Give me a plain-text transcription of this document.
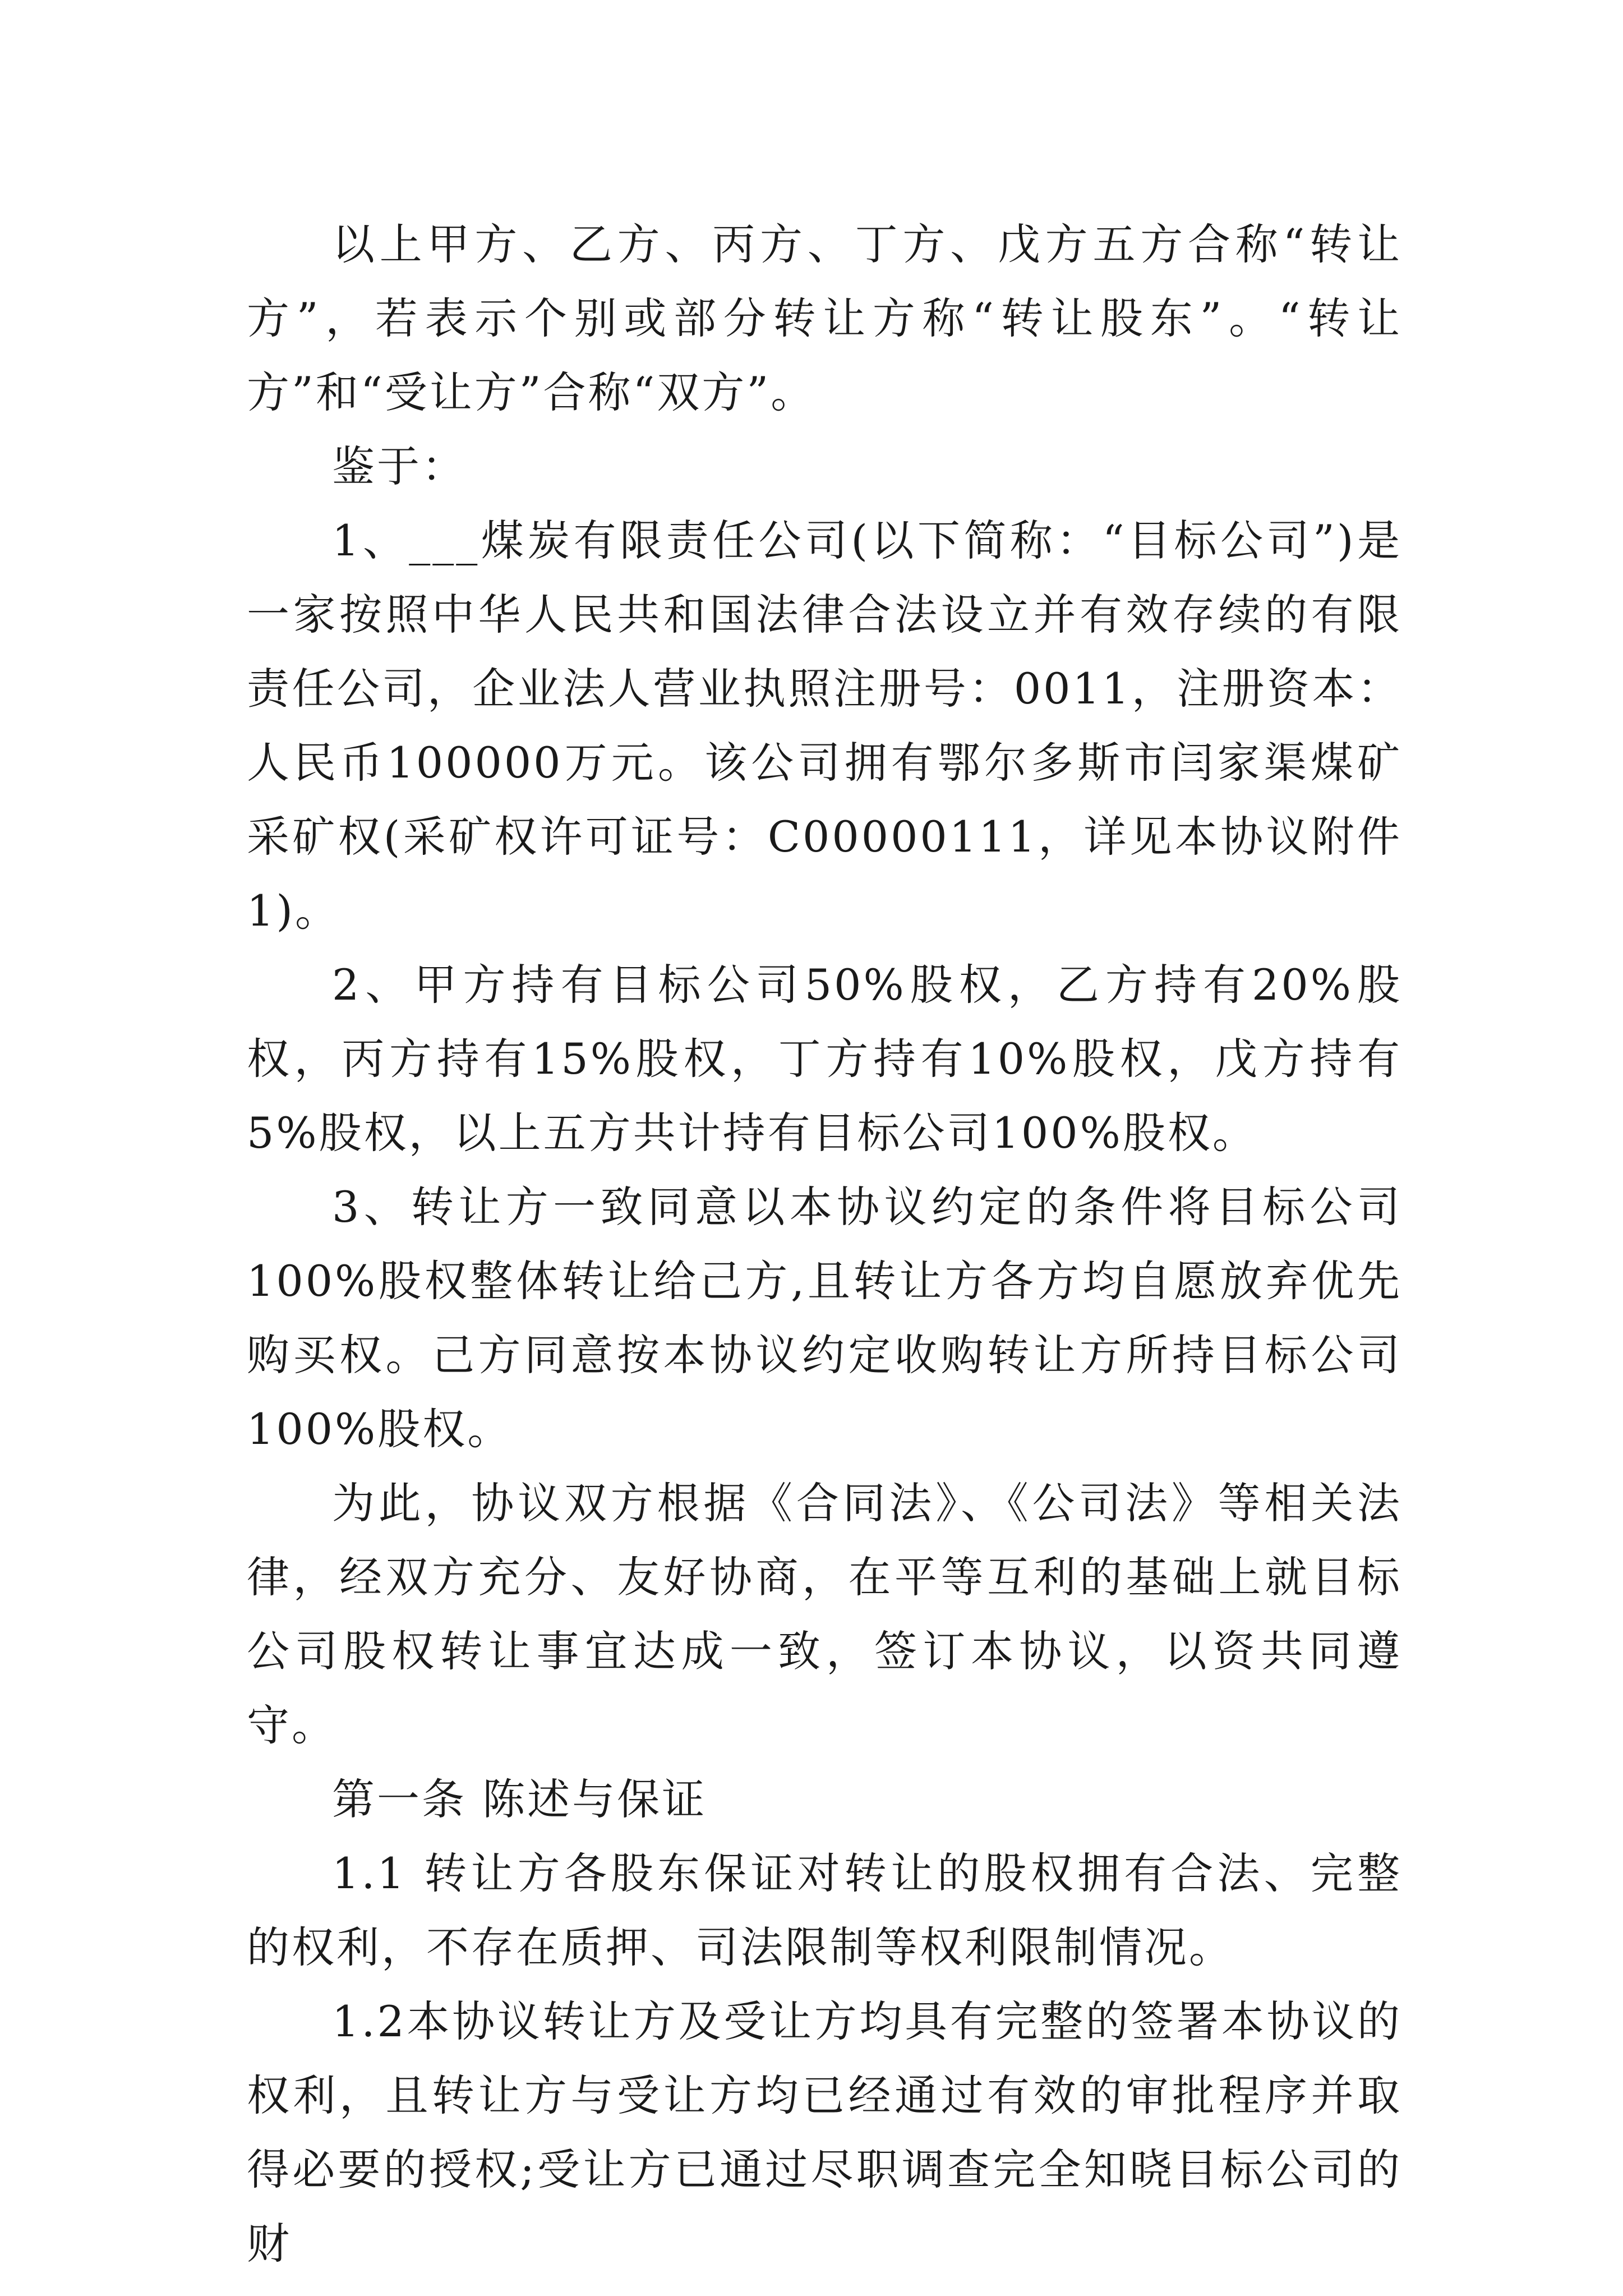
以上甲方、乙方、丙方、丁方、戊方五方合称“转让方”，若表示个别或部分转让方称“转让股东”。“转让方”和“受让方”合称“双方”。

鉴于：

1、___煤炭有限责任公司(以下简称：“目标公司”)是一家按照中华人民共和国法律合法设立并有效存续的有限责任公司，企业法人营业执照注册号：0011，注册资本：人民币100000万元。该公司拥有鄂尔多斯市闫家渠煤矿采矿权(采矿权许可证号：C00000111，详见本协议附件1)。

2、甲方持有目标公司50%股权，乙方持有20%股权，丙方持有15%股权，丁方持有10%股权，戊方持有5%股权，以上五方共计持有目标公司100%股权。

3、转让方一致同意以本协议约定的条件将目标公司100%股权整体转让给己方,且转让方各方均自愿放弃优先购买权。己方同意按本协议约定收购转让方所持目标公司100%股权。

为此，协议双方根据《合同法》、《公司法》等相关法律，经双方充分、友好协商，在平等互利的基础上就目标公司股权转让事宜达成一致，签订本协议，以资共同遵守。

第一条 陈述与保证

1.1 转让方各股东保证对转让的股权拥有合法、完整的权利，不存在质押、司法限制等权利限制情况。

1.2本协议转让方及受让方均具有完整的签署本协议的权利，且转让方与受让方均已经通过有效的审批程序并取得必要的授权;受让方已通过尽职调查完全知晓目标公司的财
